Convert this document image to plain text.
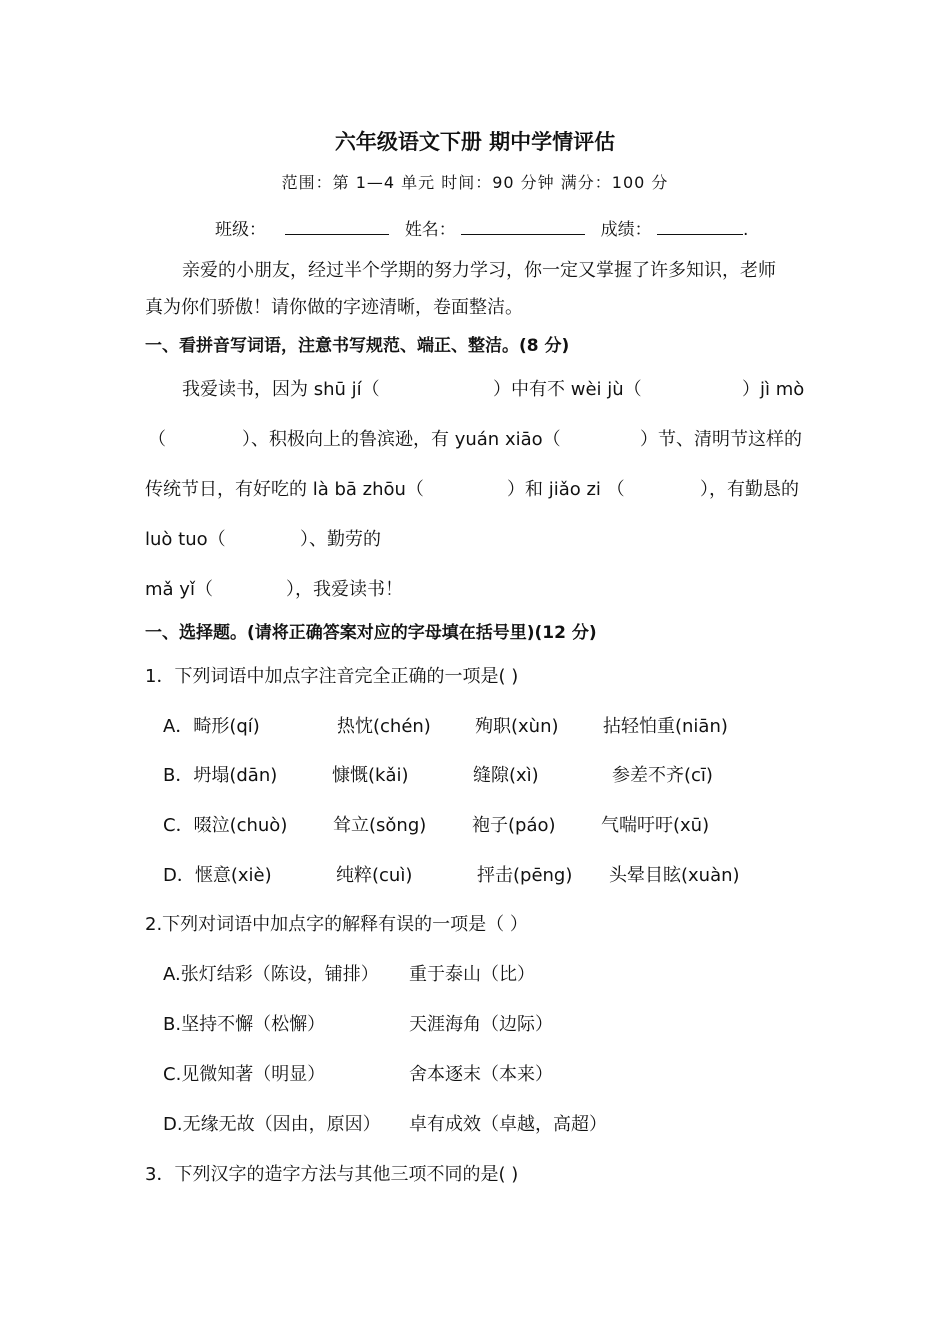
六年级语文下册 期中学情评估
范围：第 1—4 单元 时间：90 分钟 满分：100 分
班级：	姓名：	成绩：	.
亲爱的小朋友，经过半个学期的努力学习，你一定又掌握了许多知识，老师
真为你们骄傲！请你做的字迹清晰，卷面整洁。
一、看拼音写词语，注意书写规范、端正、整洁。(8 分)
我爱读书，因为 shū jí（	）中有不 wèi jù（	）jì mò
（	）、积极向上的鲁滨逊，有 yuán xiāo（	）节、清明节这样的
传统节日，有好吃的 là bā zhōu（	）和 jiǎo zi （	），有勤恳的
luò tuo（	）、勤劳的
mǎ yǐ（	），我爱读书！
一、选择题。(请将正确答案对应的字母填在括号里)(12 分)
1．下列词语中加点字注音完全正确的一项是( )
A．畸形(qí)	热忱(chén) 殉职(xùn) 拈轻怕重(niān)
B．坍塌(dān)	慷慨(kǎi)	缝隙(xì)	参差不齐(cī)
C．啜泣(chuò)	耸立(sǒng)	袍子(páo)	气喘吁吁(xū)
D．惬意(xiè)	纯粹(cuì)	抨击(pēng) 头晕目眩(xuàn)
2.下列对词语中加点字的解释有误的一项是（ ）
A.张灯结彩（陈设，铺排） 重于泰山（比）
B.坚持不懈（松懈）	天涯海角（边际）
C.见微知著（明显）	舍本逐末（本来）
D.无缘无故（因由，原因） 卓有成效（卓越，高超）
3．下列汉字的造字方法与其他三项不同的是( )
